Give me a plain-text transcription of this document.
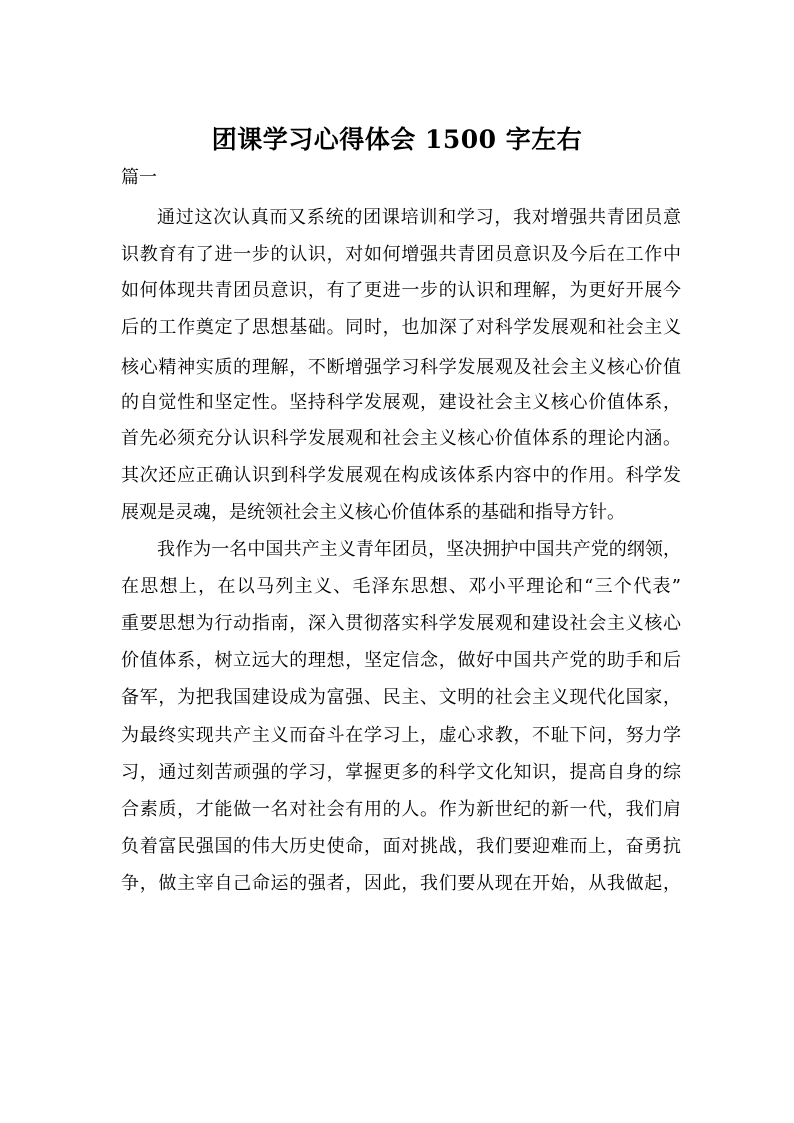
团课学习心得体会 1500 字左右
篇一
通过这次认真而又系统的团课培训和学习，我对增强共青团员意
识教育有了进一步的认识，对如何增强共青团员意识及今后在工作中
如何体现共青团员意识，有了更进一步的认识和理解，为更好开展今
后的工作奠定了思想基础。同时，也加深了对科学发展观和社会主义
核心精神实质的理解，不断增强学习科学发展观及社会主义核心价值
的自觉性和坚定性。坚持科学发展观，建设社会主义核心价值体系，
首先必须充分认识科学发展观和社会主义核心价值体系的理论内涵。
其次还应正确认识到科学发展观在构成该体系内容中的作用。科学发
展观是灵魂，是统领社会主义核心价值体系的基础和指导方针。
我作为一名中国共产主义青年团员，坚决拥护中国共产党的纲领，
在思想上，在以马列主义、毛泽东思想、邓小平理论和“三个代表”
重要思想为行动指南，深入贯彻落实科学发展观和建设社会主义核心
价值体系，树立远大的理想，坚定信念，做好中国共产党的助手和后
备军，为把我国建设成为富强、民主、文明的社会主义现代化国家，
为最终实现共产主义而奋斗在学习上，虚心求教，不耻下问，努力学
习，通过刻苦顽强的学习，掌握更多的科学文化知识，提高自身的综
合素质，才能做一名对社会有用的人。作为新世纪的新一代，我们肩
负着富民强国的伟大历史使命，面对挑战，我们要迎难而上，奋勇抗
争，做主宰自己命运的强者，因此，我们要从现在开始，从我做起，
